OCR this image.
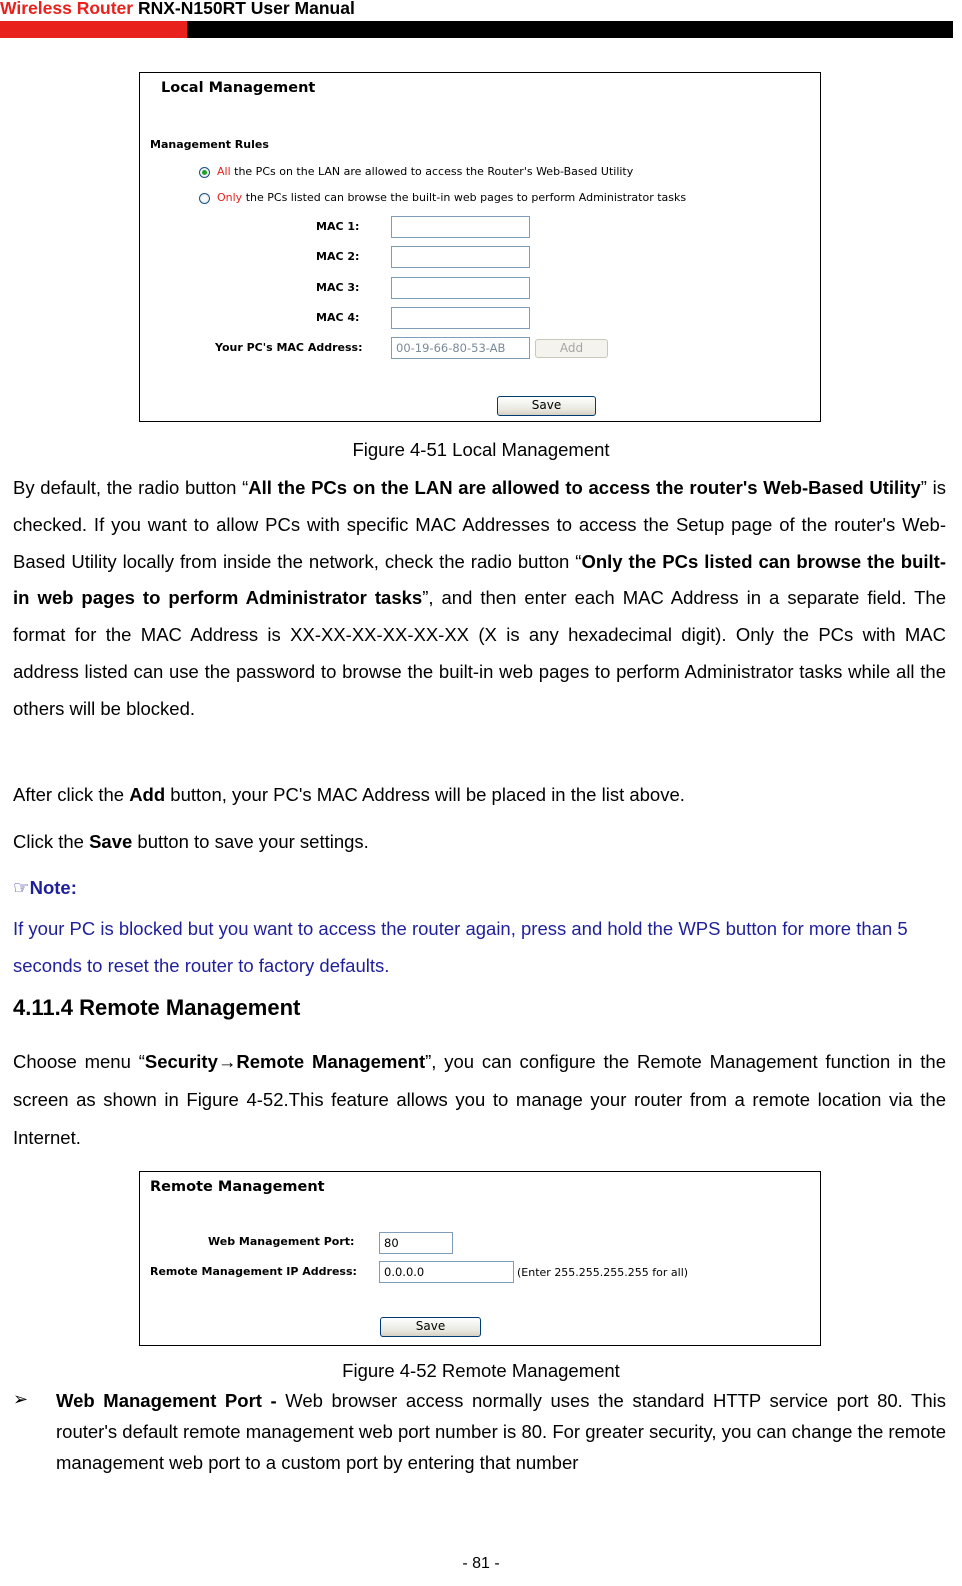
Wireless Router RNX-N150RT User Manual
Local Management
Management Rules
All the PCs on the LAN are allowed to access the Router's Web-Based Utility
Only the PCs listed can browse the built-in web pages to perform Administrator tasks
MAC 1:
MAC 2:
MAC 3:
MAC 4:
Your PC's MAC Address:	00-19-66-80-53-AB	Add
Save
Figure 4-51 Local Management

By default, the radio button “All the PCs on the LAN are allowed to access the router's Web-Based Utility” is checked. If you want to allow PCs with specific MAC Addresses to access the Setup page of the router's Web-Based Utility locally from inside the network, check the radio button “Only the PCs listed can browse the built-in web pages to perform Administrator tasks”, and then enter each MAC Address in a separate field. The format for the MAC Address is XX-XX-XX-XX-XX-XX (X is any hexadecimal digit). Only the PCs with MAC address listed can use the password to browse the built-in web pages to perform Administrator tasks while all the others will be blocked.

After click the Add button, your PC's MAC Address will be placed in the list above.
Click the Save button to save your settings.
☞Note:

If your PC is blocked but you want to access the router again, press and hold the WPS button for more than 5 seconds to reset the router to factory defaults.

4.11.4 Remote Management

Choose menu “Security→Remote Management”, you can configure the Remote Management function in the screen as shown in Figure 4-52.This feature allows you to manage your router from a remote location via the Internet.

Remote Management
Web Management Port:	80
Remote Management IP Address:	0.0.0.0	(Enter 255.255.255.255 for all)
Save
Figure 4-52 Remote Management
➢ Web Management Port - Web browser access normally uses the standard HTTP service port 80. This router's default remote management web port number is 80. For greater security, you can change the remote management web port to a custom port by entering that number

- 81 -
